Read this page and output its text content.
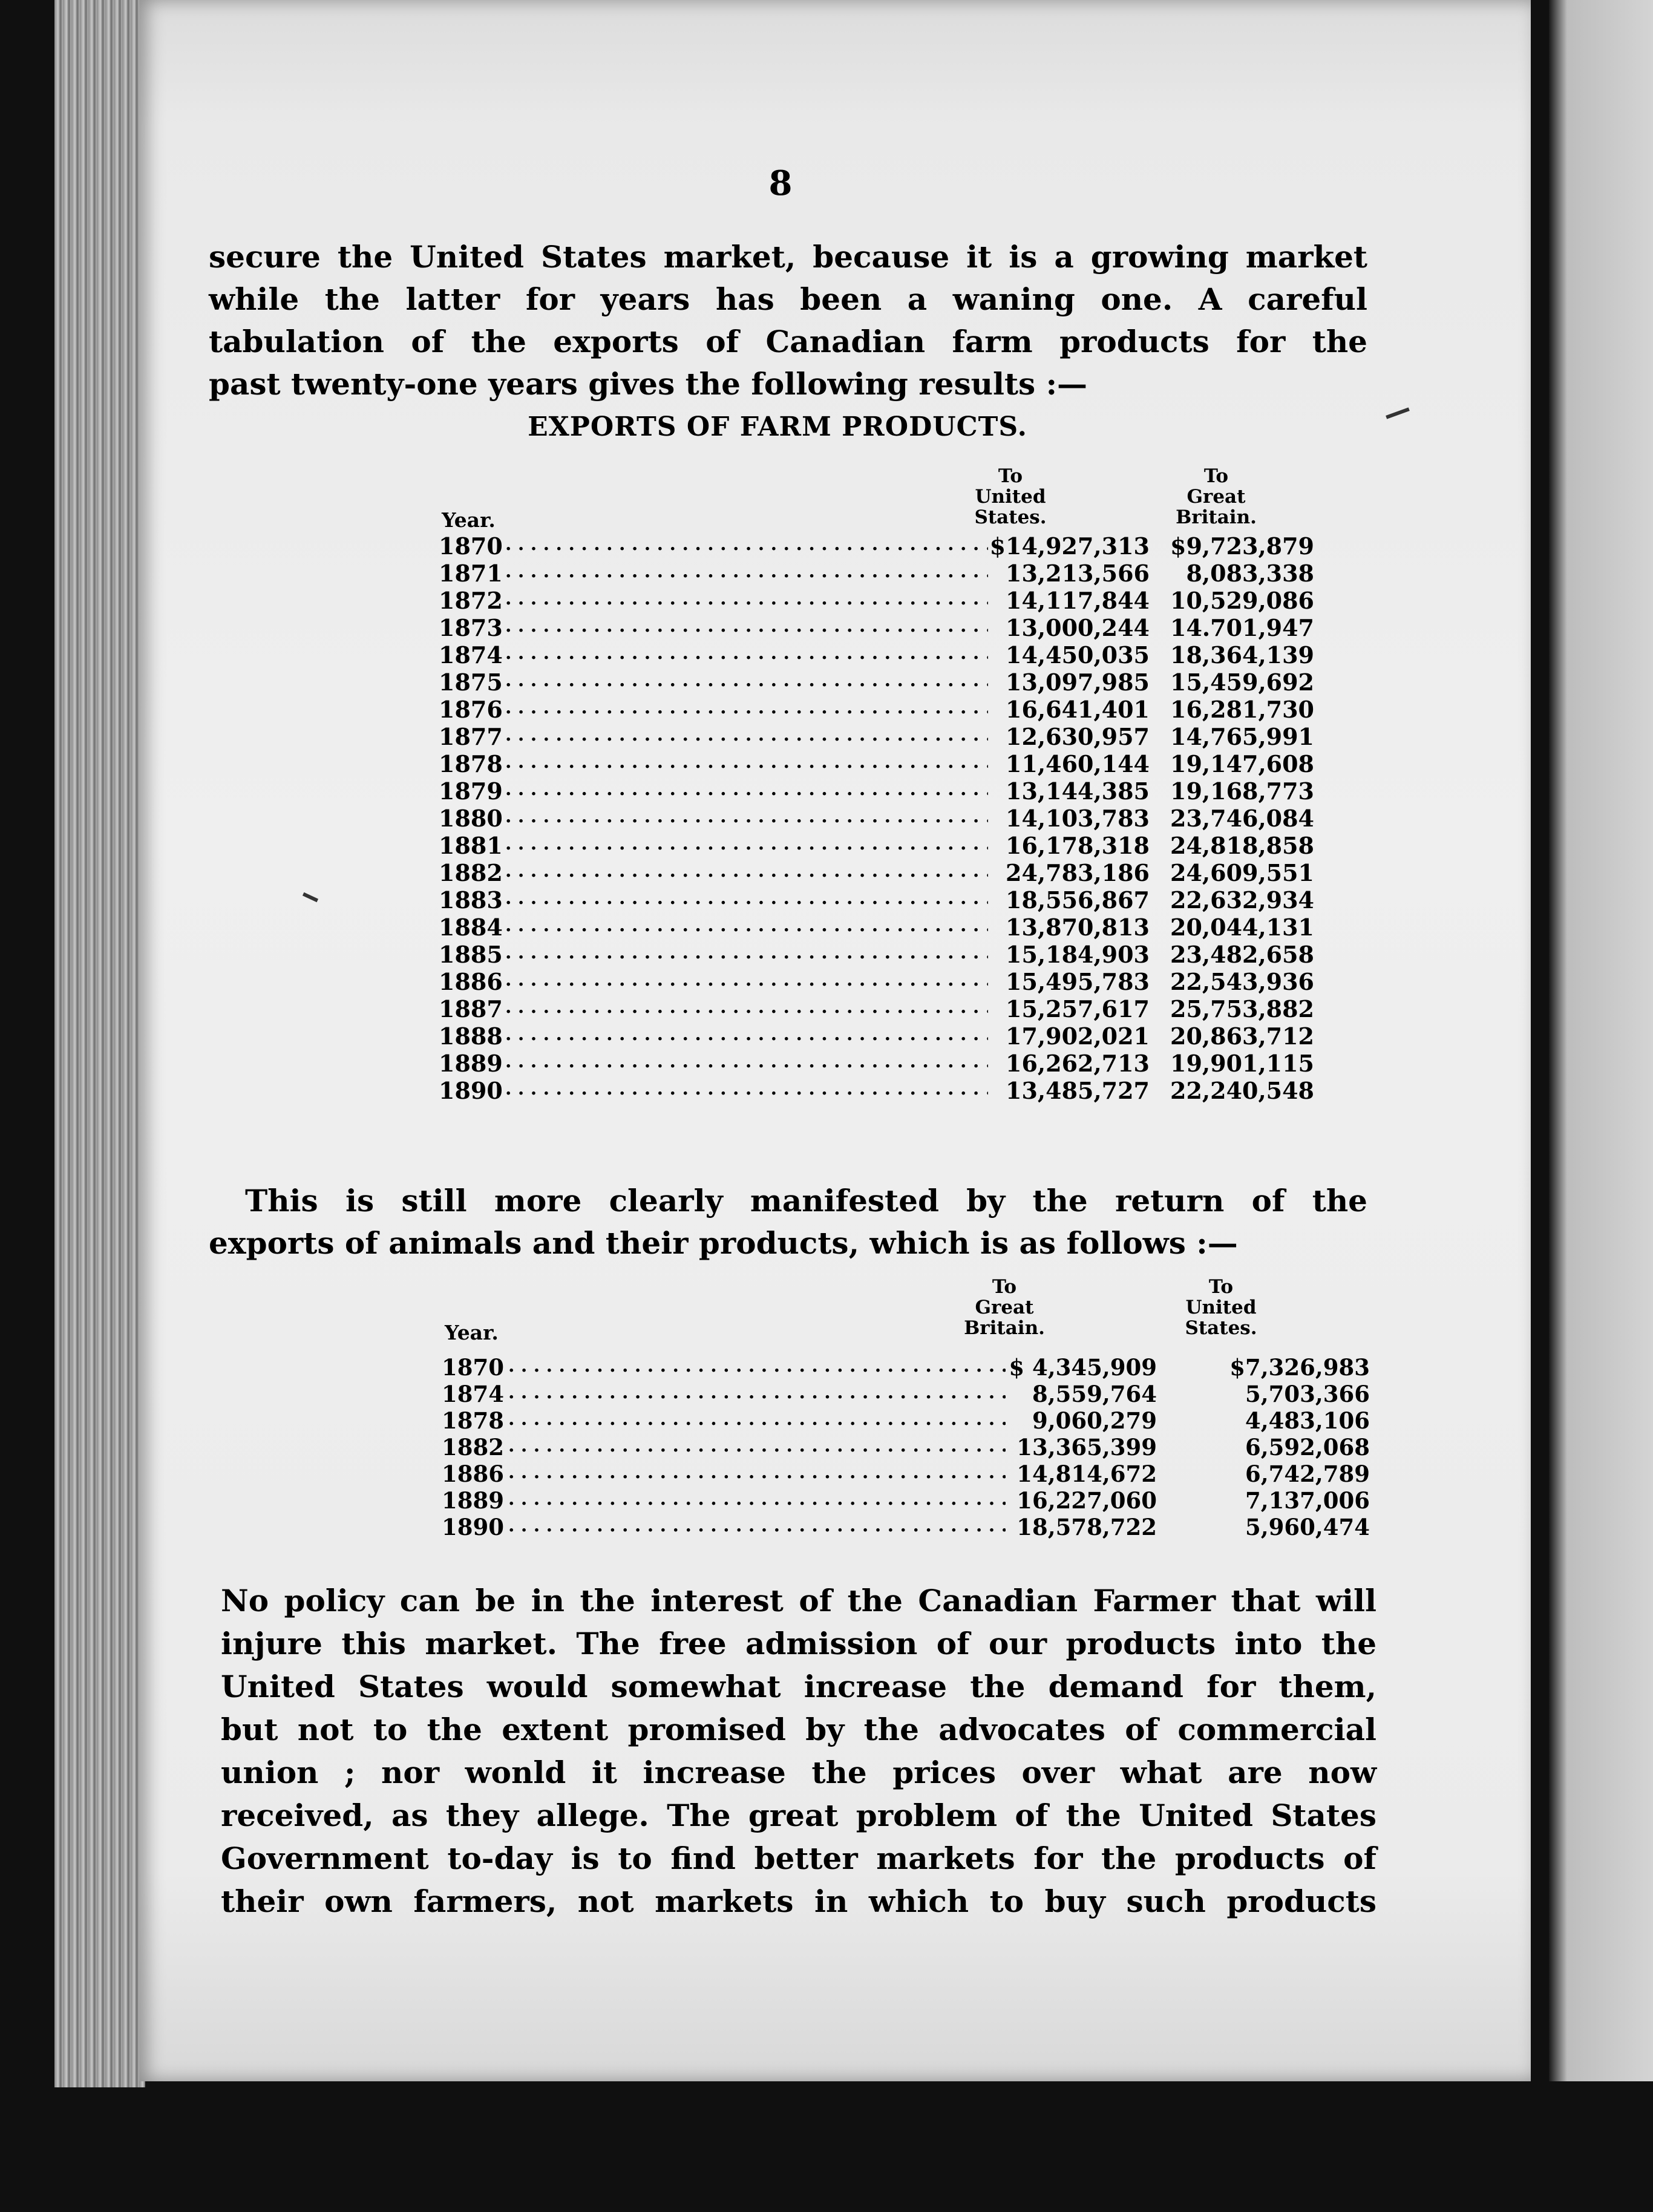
8
secure the United States market, because it is a growing market
while the latter for years has been a waning one. A careful
tabulation of the exports of Canadian farm products for the
past twenty-one years gives the following results :—
EXPORTS OF FARM PRODUCTS.
To
United
States.
To
Great
Britain.
Year.
1870	. . .	$14,927,313	$9,723,879
1871	. . .	13,213,566	8,083,338
1872	. . .	14,117,844	10,529,086
1873	. . .	13,000,244	14.701,947
1874	. . .	14,450,035	18,364,139
1875	. . .	13,097,985	15,459,692
1876	. . .	16,641,401	16,281,730
1877	. . .	12,630,957	14,765,991
1878	. . .	11,460,144	19,147,608
1879	. . .	13,144,385	19,168,773
1880	. . .	14,103,783	23,746,084
1881	. . .	16,178,318	24,818,858
1882	. . .	24,783,186	24,609,551
1883	. . .	18,556,867	22,632,934
1884	. . .	13,870,813	20,044,131
1885	. . .	15,184,903	23,482,658
1886	. . .	15,495,783	22,543,936
1887	. . .	15,257,617	25,753,882
1888	. . .	17,902,021	20,863,712
1889	. . .	16,262,713	19,901,115
1890	. . .	13,485,727	22,240,548
This is still more clearly manifested by the return of the
exports of animals and their products, which is as follows :—
To
Great
Britain.
To
United
States.
Year.
1870	. . .	$ 4,345,909	$7,326,983
1874	. . .	8,559,764	5,703,366
1878	. . .	9,060,279	4,483,106
1882	. . .	13,365,399	6,592,068
1886	. . .	14,814,672	6,742,789
1889	. . .	16,227,060	7,137,006
1890	. . .	18,578,722	5,960,474
No policy can be in the interest of the Canadian Farmer that will
injure this market. The free admission of our products into the
United States would somewhat increase the demand for them,
but not to the extent promised by the advocates of commercial
union ; nor wonld it increase the prices over what are now
received, as they allege. The great problem of the United States
Government to-day is to find better markets for the products of
their own farmers, not markets in which to buy such products
